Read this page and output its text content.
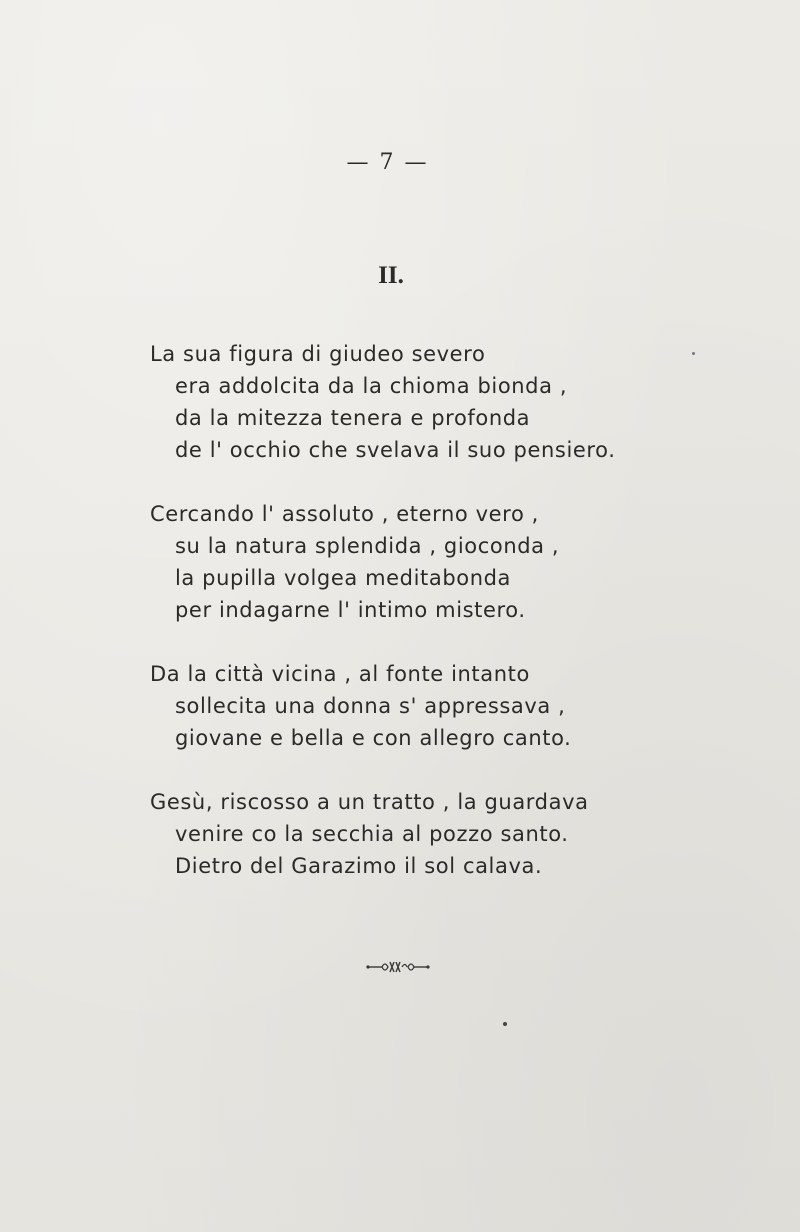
— 7 —
II.
La sua figura di giudeo severo
era addolcita da la chioma bionda ,
da la mitezza tenera e profonda
de l' occhio che svelava il suo pensiero.
Cercando l' assoluto , eterno vero ,
su la natura splendida , gioconda ,
la pupilla volgea meditabonda
per indagarne l' intimo mistero.
Da la città vicina , al fonte intanto
sollecita una donna s' appressava ,
giovane e bella e con allegro canto.
Gesù, riscosso a un tratto , la guardava
venire co la secchia al pozzo santo.
Dietro del Garazimo il sol calava.
